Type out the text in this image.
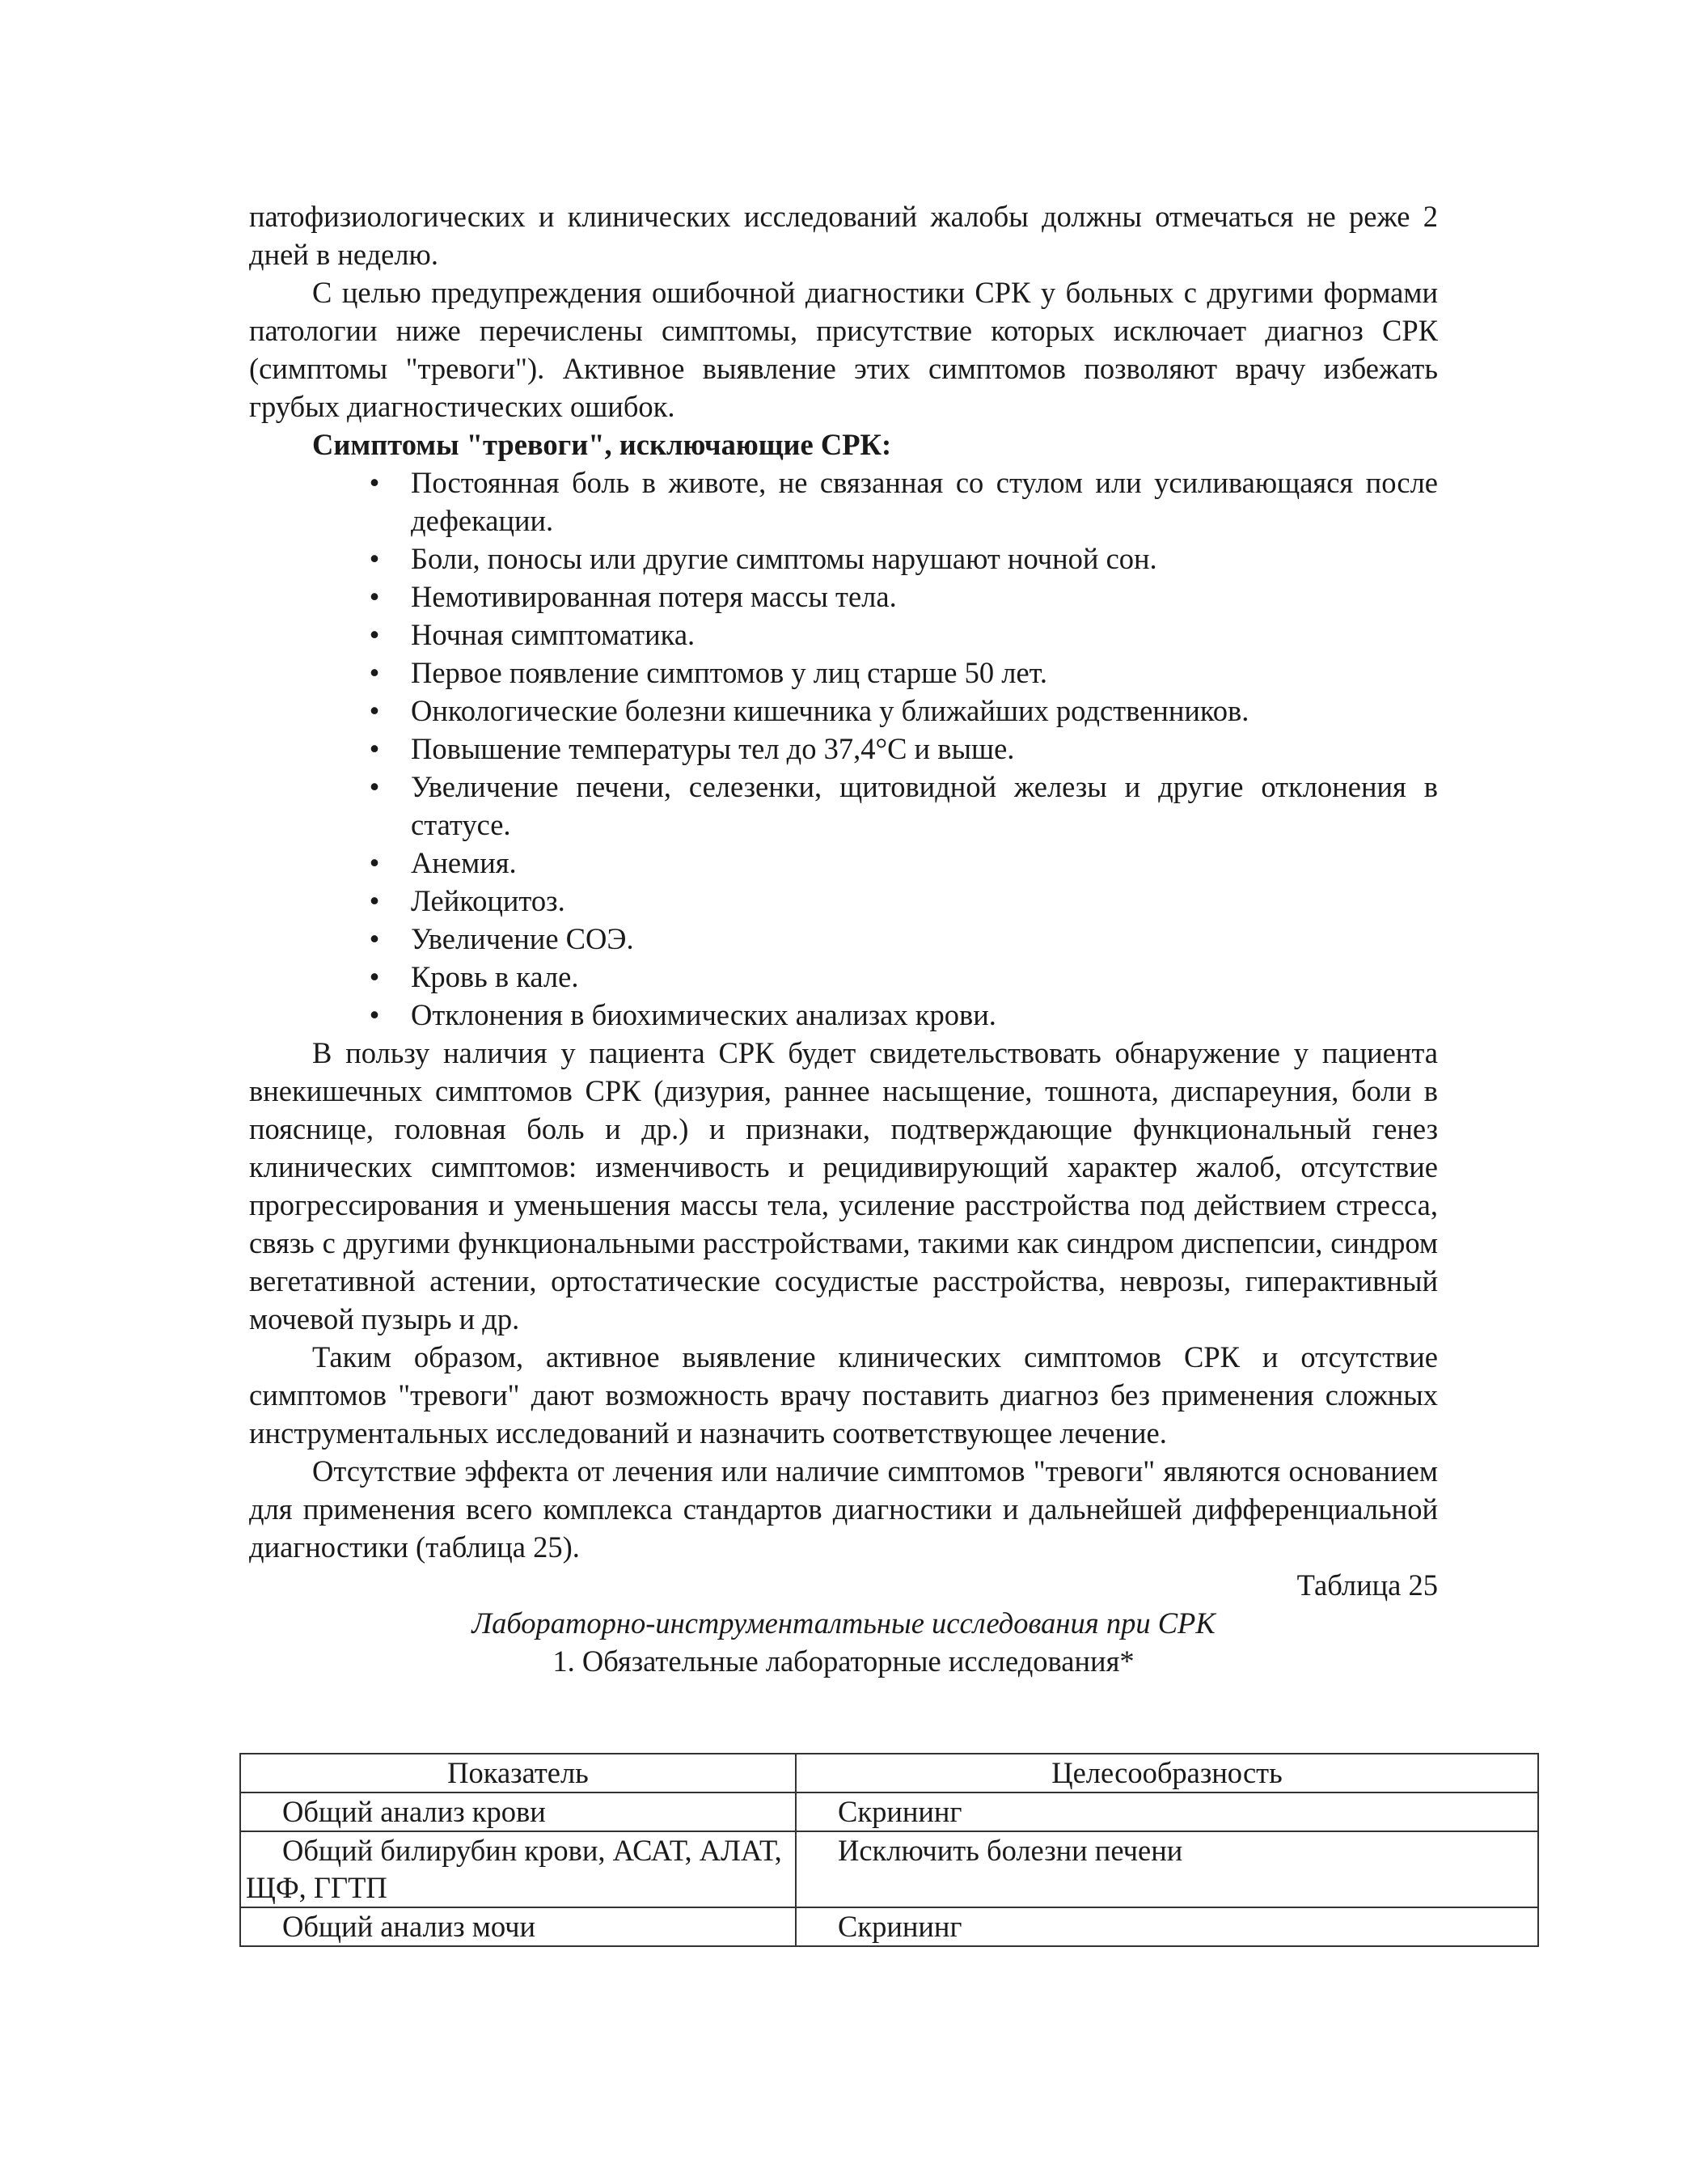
патофизиологических и клинических исследований жалобы должны отмечаться не реже 2 дней в неделю.

С целью предупреждения ошибочной диагностики СРК у больных с другими формами патологии ниже перечислены симптомы, присутствие которых исключает диагноз СРК (симптомы "тревоги"). Активное выявление этих симптомов позволяют врачу избежать грубых диагностических ошибок.

Симптомы "тревоги", исключающие СРК:

•	Постоянная боль в животе, не связанная со стулом или усиливающаяся после дефекации.
•	Боли, поносы или другие симптомы нарушают ночной сон.
•	Немотивированная потеря массы тела.
•	Ночная симптоматика.
•	Первое появление симптомов у лиц старше 50 лет.
•	Онкологические болезни кишечника у ближайших родственников.
•	Повышение температуры тел до 37,4°С и выше.
•	Увеличение печени, селезенки, щитовидной железы и другие отклонения в статусе.
•	Анемия.
•	Лейкоцитоз.
•	Увеличение СОЭ.
•	Кровь в кале.
•	Отклонения в биохимических анализах крови.

В пользу наличия у пациента СРК будет свидетельствовать обнаружение у пациента внекишечных симптомов СРК (дизурия, раннее насыщение, тошнота, диспареуния, боли в пояснице, головная боль и др.) и признаки, подтверждающие функциональный генез клинических симптомов: изменчивость и рецидивирующий характер жалоб, отсутствие прогрессирования и уменьшения массы тела, усиление расстройства под действием стресса, связь с другими функциональными расстройствами, такими как синдром диспепсии, синдром вегетативной астении, ортостатические сосудистые расстройства, неврозы, гиперактивный мочевой пузырь и др.

Таким образом, активное выявление клинических симптомов СРК и отсутствие симптомов "тревоги" дают возможность врачу поставить диагноз без применения сложных инструментальных исследований и назначить соответствующее лечение.

Отсутствие эффекта от лечения или наличие симптомов "тревоги" являются основанием для применения всего комплекса стандартов диагностики и дальнейшей дифференциальной диагностики (таблица 25).

Таблица 25

Лабораторно-инструменталтьные исследования при СРК

1. Обязательные лабораторные исследования*

Показатель	Целесообразность

Общий анализ крови	Скрининг

Общий билирубин крови, АСАТ, АЛАТ, ЩФ, ГГТП	Исключить болезни печени

Общий анализ мочи	Скрининг
